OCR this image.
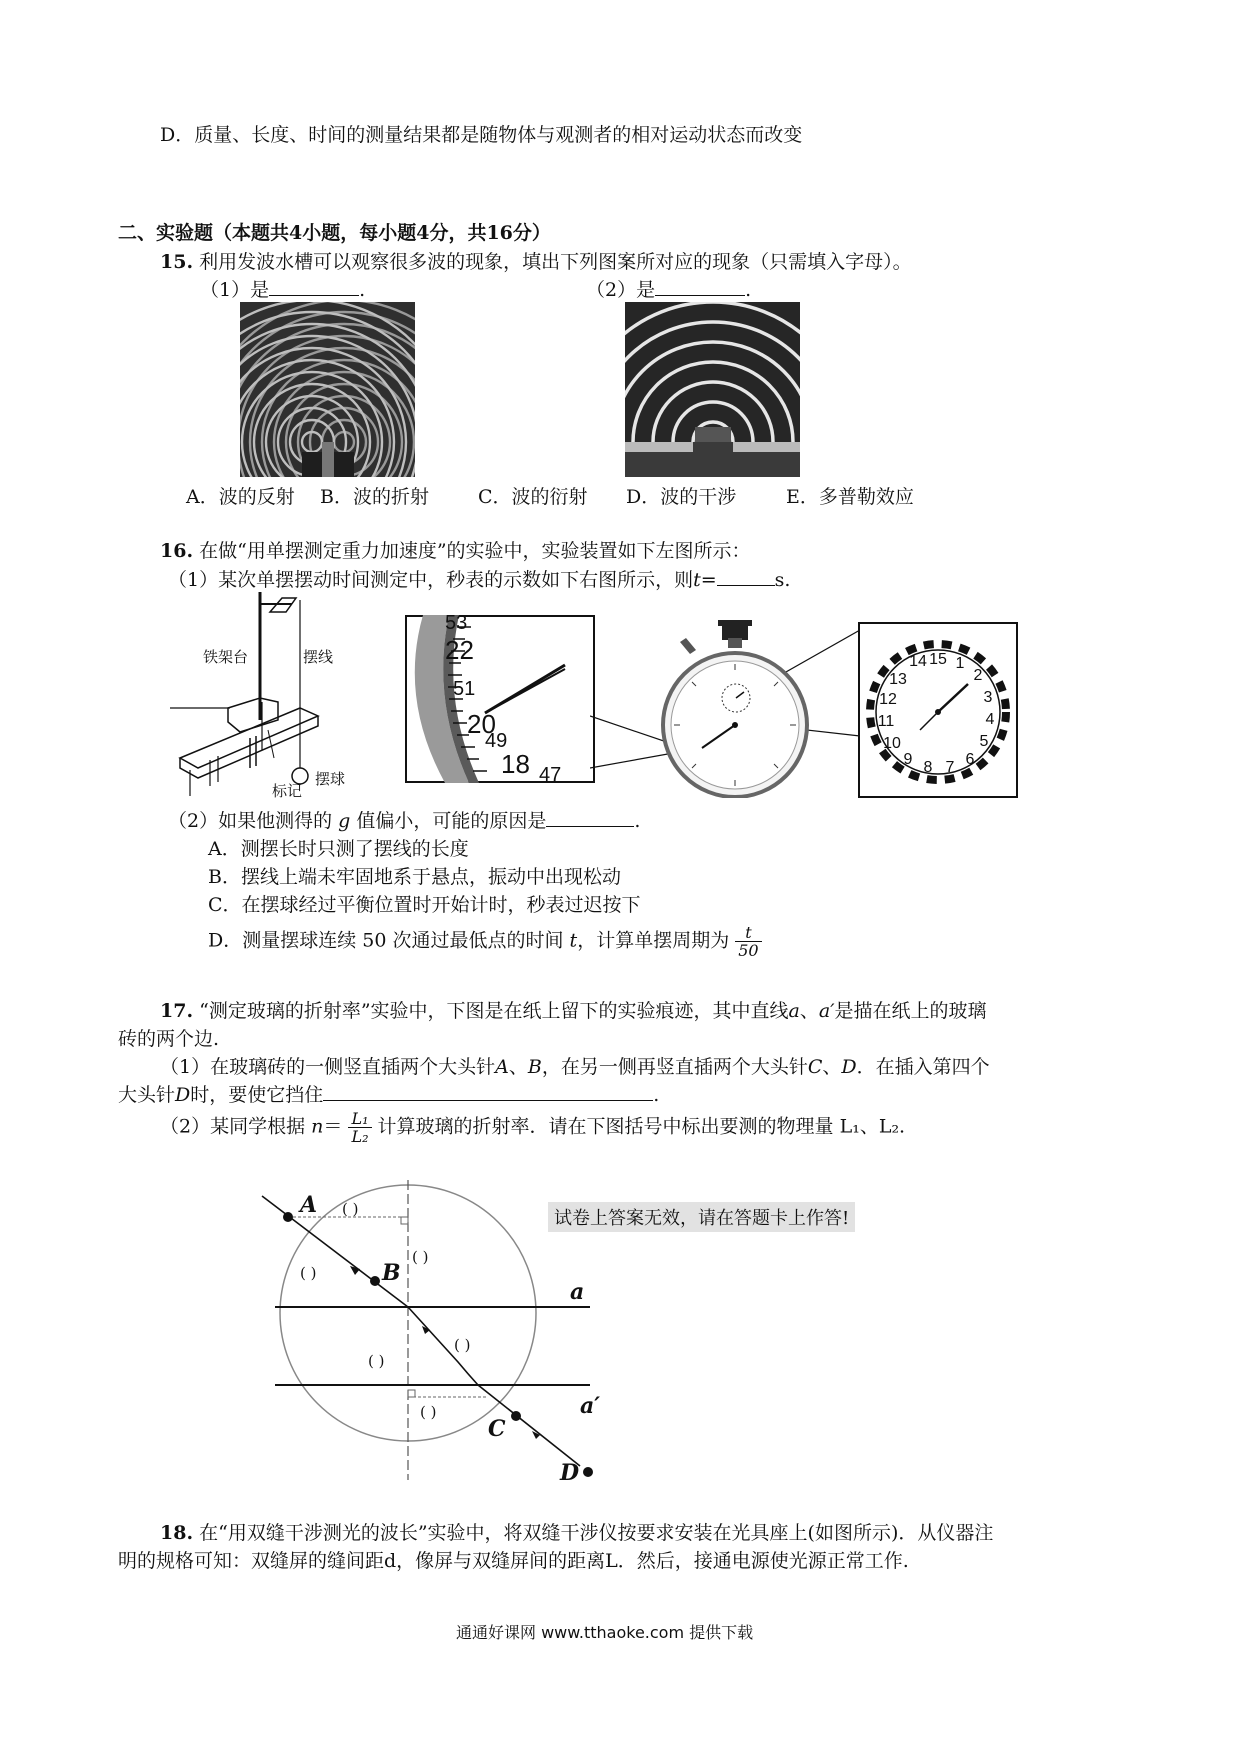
D．质量、长度、时间的测量结果都是随物体与观测者的相对运动状态而改变
二、实验题（本题共4小题，每小题4分，共16分）
15. 利用发波水槽可以观察很多波的现象，填出下列图案所对应的现象（只需填入字母）。
（1）是	.	（2）是	.
A．波的反射 B．波的折射	C．波的衍射 D．波的干涉	E．多普勒效应
16. 在做“用单摆测定重力加速度”的实验中，实验装置如下左图所示：
（1）某次单摆摆动时间测定中，秒表的示数如下右图所示，则t=	s.
铁架台	摆线
标记
摆球
53
22
51
20
49
18 47
14 15 1
2
3
4
5
6
7
8
9
10
11
12
13
（2）如果他测得的 g 值偏小，可能的原因是	.
A．测摆长时只测了摆线的长度
B．摆线上端未牢固地系于悬点，振动中出现松动
C．在摆球经过平衡位置时开始计时，秒表过迟按下
D．测量摆球连续 50 次通过最低点的时间 t，计算单摆周期为 $\frac{t}{50}$
17. “测定玻璃的折射率”实验中，下图是在纸上留下的实验痕迹，其中直线a、a′是描在纸上的玻璃
砖的两个边.
（1）在玻璃砖的一侧竖直插两个大头针A、B，在另一侧再竖直插两个大头针C、D．在插入第四个
大头针D时，要使它挡住	.
（2）某同学根据 $n= \frac{\text{L₁}}{\text{L₂}}$ 计算玻璃的折射率．请在下图括号中标出要测的物理量 L₁、L₂.
A
B
C
D
a
a′
( )
( )
( )
( )
( )
( )
试卷上答案无效，请在答题卡上作答!
18. 在“用双缝干涉测光的波长”实验中，将双缝干涉仪按要求安装在光具座上(如图所示)．从仪器注
明的规格可知：双缝屏的缝间距d，像屏与双缝屏间的距离L．然后，接通电源使光源正常工作.
通通好课网 www.tthaoke.com 提供下载
